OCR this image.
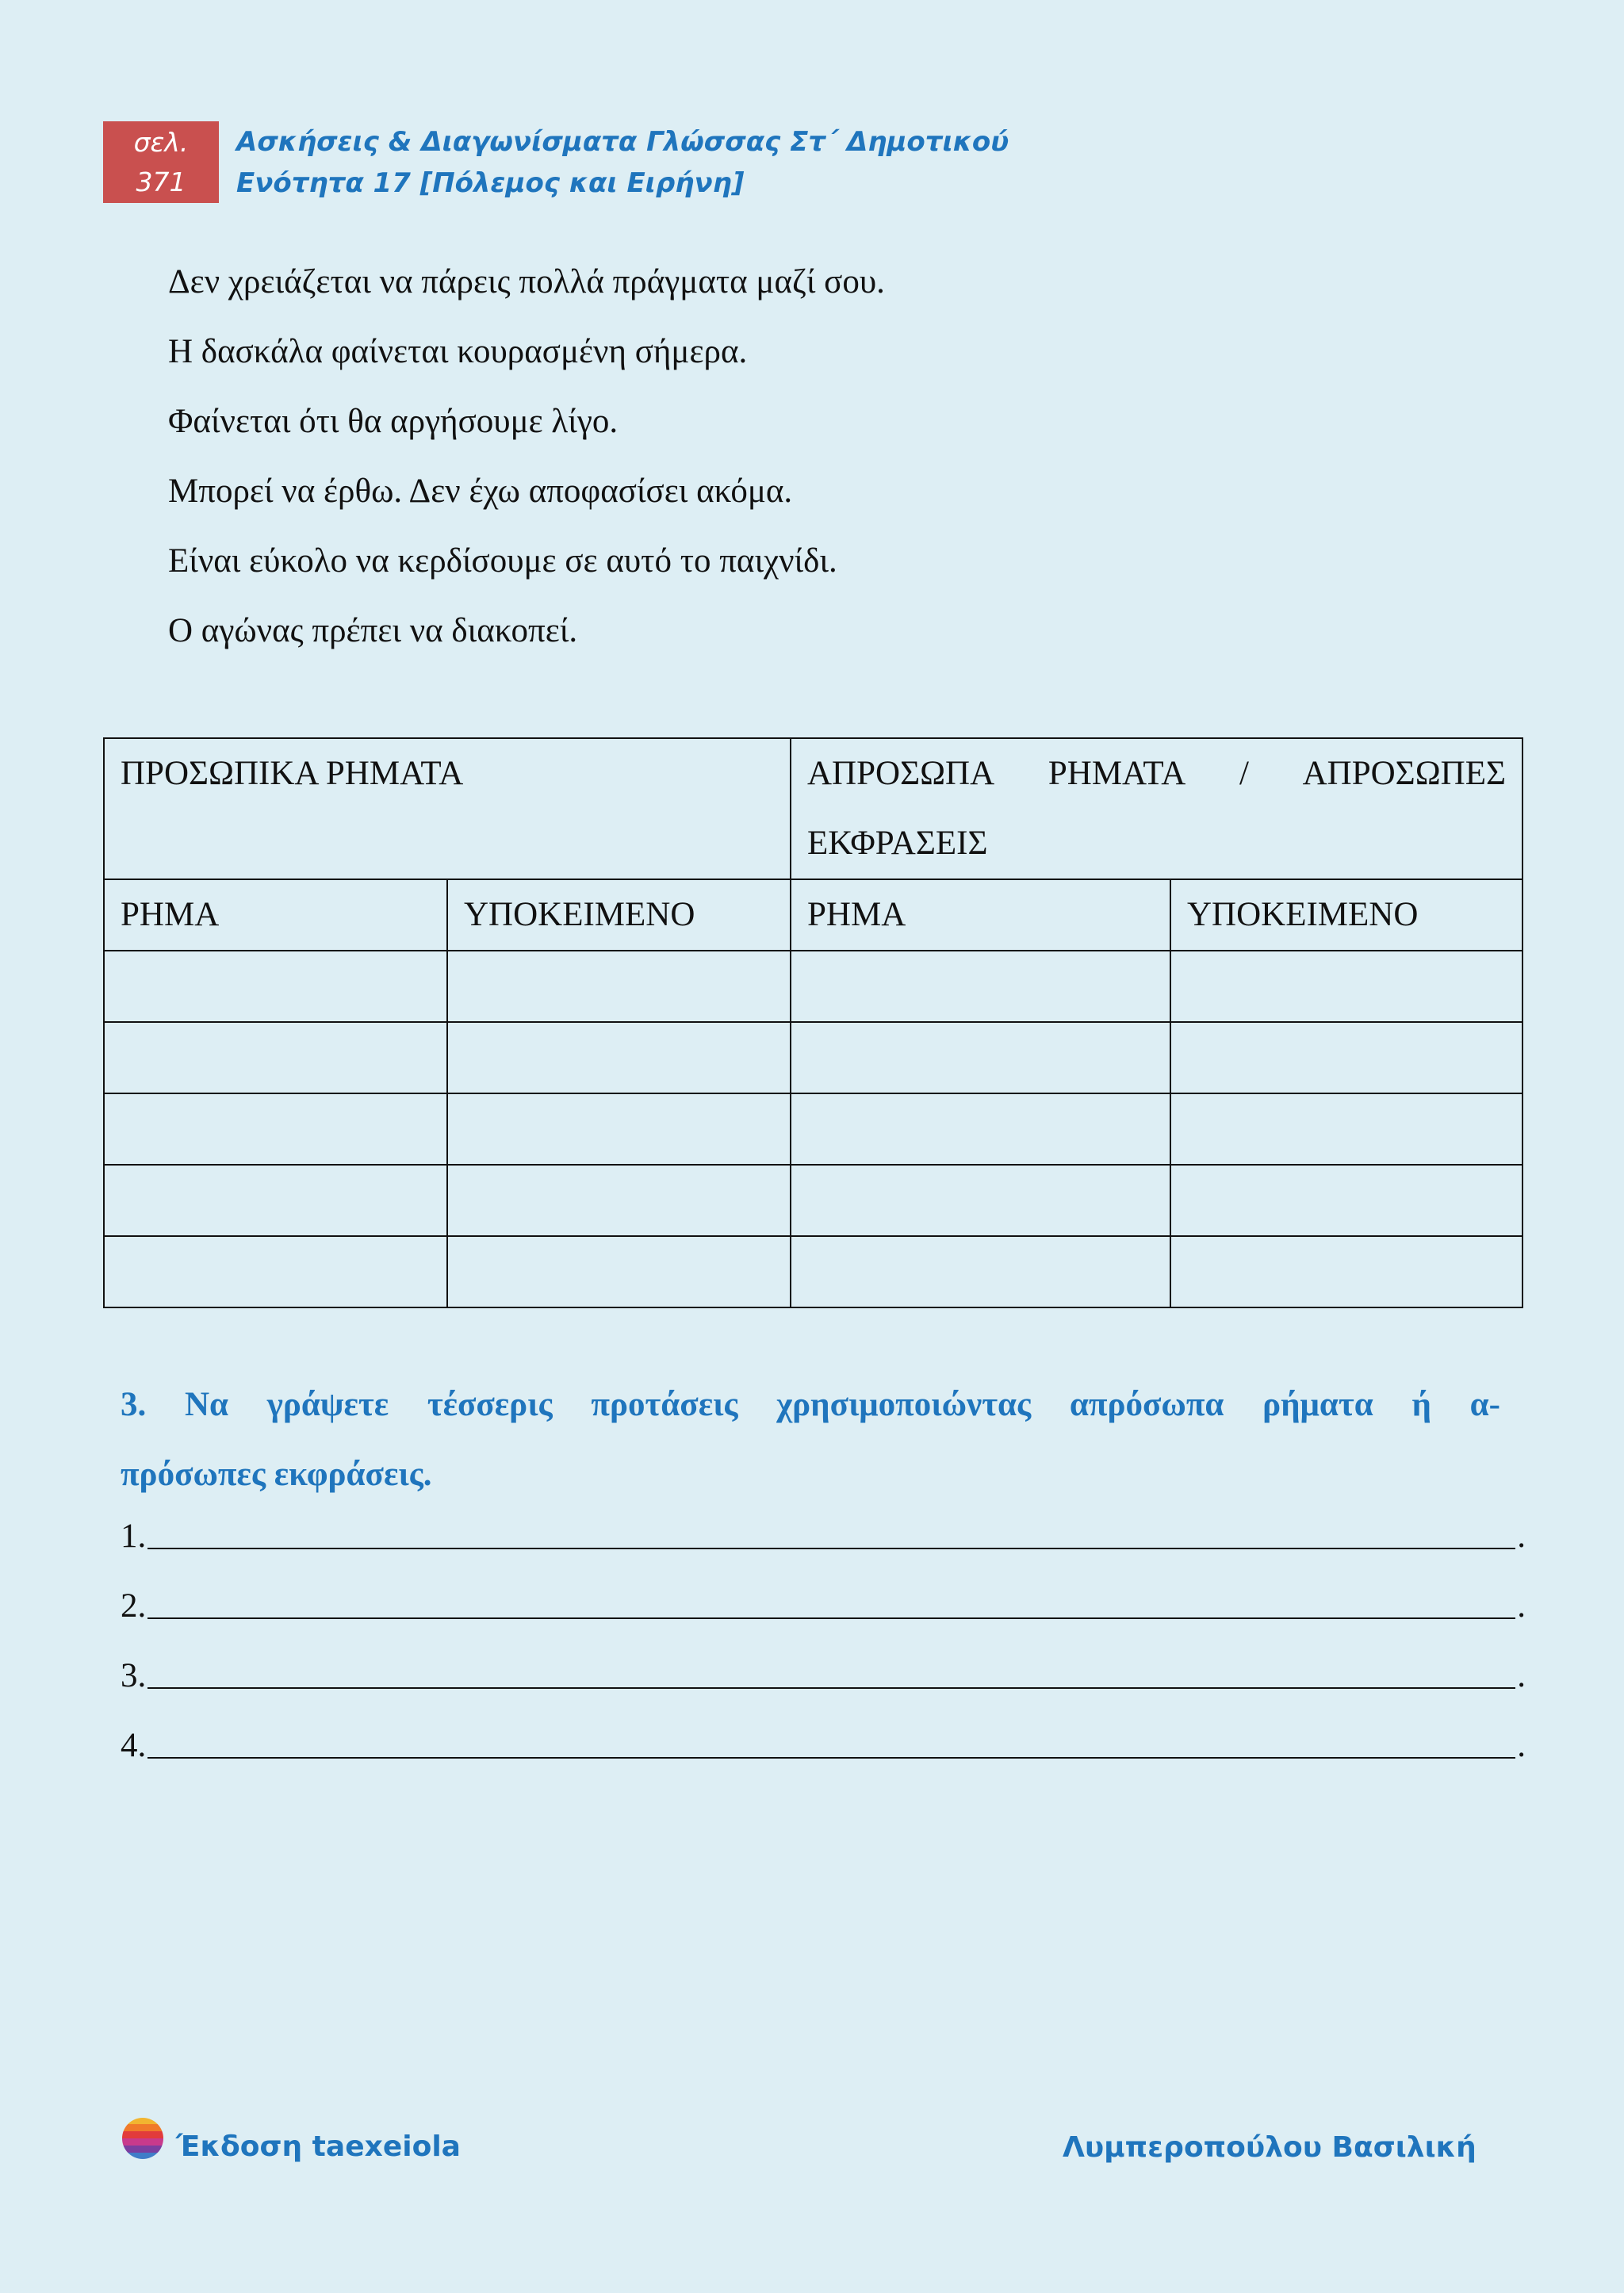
σελ.
371
Ασκήσεις & Διαγωνίσματα Γλώσσας Στ΄ Δημοτικού
Ενότητα 17 [Πόλεμος και Ειρήνη]
Δεν χρειάζεται να πάρεις πολλά πράγματα μαζί σου.
Η δασκάλα φαίνεται κουρασμένη σήμερα.
Φαίνεται ότι θα αργήσουμε λίγο.
Μπορεί να έρθω. Δεν έχω αποφασίσει ακόμα.
Είναι εύκολο να κερδίσουμε σε αυτό το παιχνίδι.
Ο αγώνας πρέπει να διακοπεί.
ΠΡΟΣΩΠΙΚΑ ΡΗΜΑΤΑ		ΑΠΡΟΣΩΠΑ ΡΗΜΑΤΑ / ΑΠΡΟΣΩΠΕΣ
ΕΚΦΡΑΣΕΙΣ	

ΡΗΜΑ	ΥΠΟΚΕΙΜΕΝΟ	ΡΗΜΑ	ΥΠΟΚΕΙΜΕΝΟ

3. Να γράψετε τέσσερις προτάσεις χρησιμοποιώντας απρόσωπα ρήματα ή α-
πρόσωπες εκφράσεις.
1.	.
2.	.
3.	.
4.	.
Έκδοση taexeiola	Λυμπεροπούλου Βασιλική
